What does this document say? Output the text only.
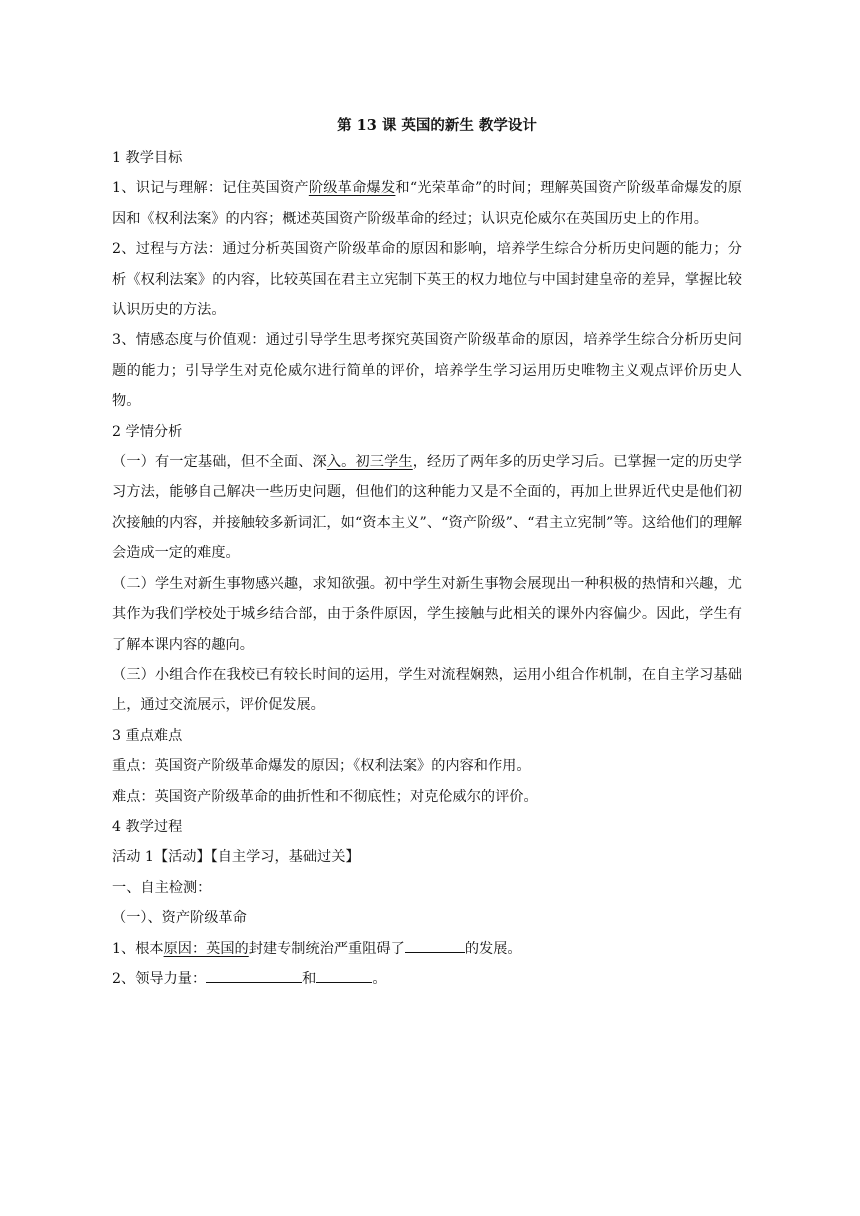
第 13 课 英国的新生 教学设计

1 教学目标

1、识记与理解：记住英国资产阶级革命爆发和“光荣革命”的时间；理解英国资产阶级革命爆发的原因和《权利法案》的内容；概述英国资产阶级革命的经过；认识克伦威尔在英国历史上的作用。

2、过程与方法：通过分析英国资产阶级革命的原因和影响，培养学生综合分析历史问题的能力；分析《权利法案》的内容，比较英国在君主立宪制下英王的权力地位与中国封建皇帝的差异，掌握比较认识历史的方法。

3、情感态度与价值观：通过引导学生思考探究英国资产阶级革命的原因，培养学生综合分析历史问题的能力；引导学生对克伦威尔进行简单的评价，培养学生学习运用历史唯物主义观点评价历史人物。

2 学情分析

（一）有一定基础，但不全面、深入。初三学生，经历了两年多的历史学习后。已掌握一定的历史学习方法，能够自己解决一些历史问题，但他们的这种能力又是不全面的，再加上世界近代史是他们初次接触的内容，并接触较多新词汇，如“资本主义”、“资产阶级”、“君主立宪制”等。这给他们的理解会造成一定的难度。

（二）学生对新生事物感兴趣，求知欲强。初中学生对新生事物会展现出一种积极的热情和兴趣，尤其作为我们学校处于城乡结合部，由于条件原因，学生接触与此相关的课外内容偏少。因此，学生有了解本课内容的趣向。

（三）小组合作在我校已有较长时间的运用，学生对流程娴熟，运用小组合作机制，在自主学习基础上，通过交流展示，评价促发展。

3 重点难点

重点：英国资产阶级革命爆发的原因；《权利法案》的内容和作用。

难点：英国资产阶级革命的曲折性和不彻底性；对克伦威尔的评价。

4 教学过程

活动 1【活动】【自主学习，基础过关】

一、自主检测：

（一）、资产阶级革命

1、根本原因：英国的封建专制统治严重阻碍了	的发展。

2、领导力量：	和	。
